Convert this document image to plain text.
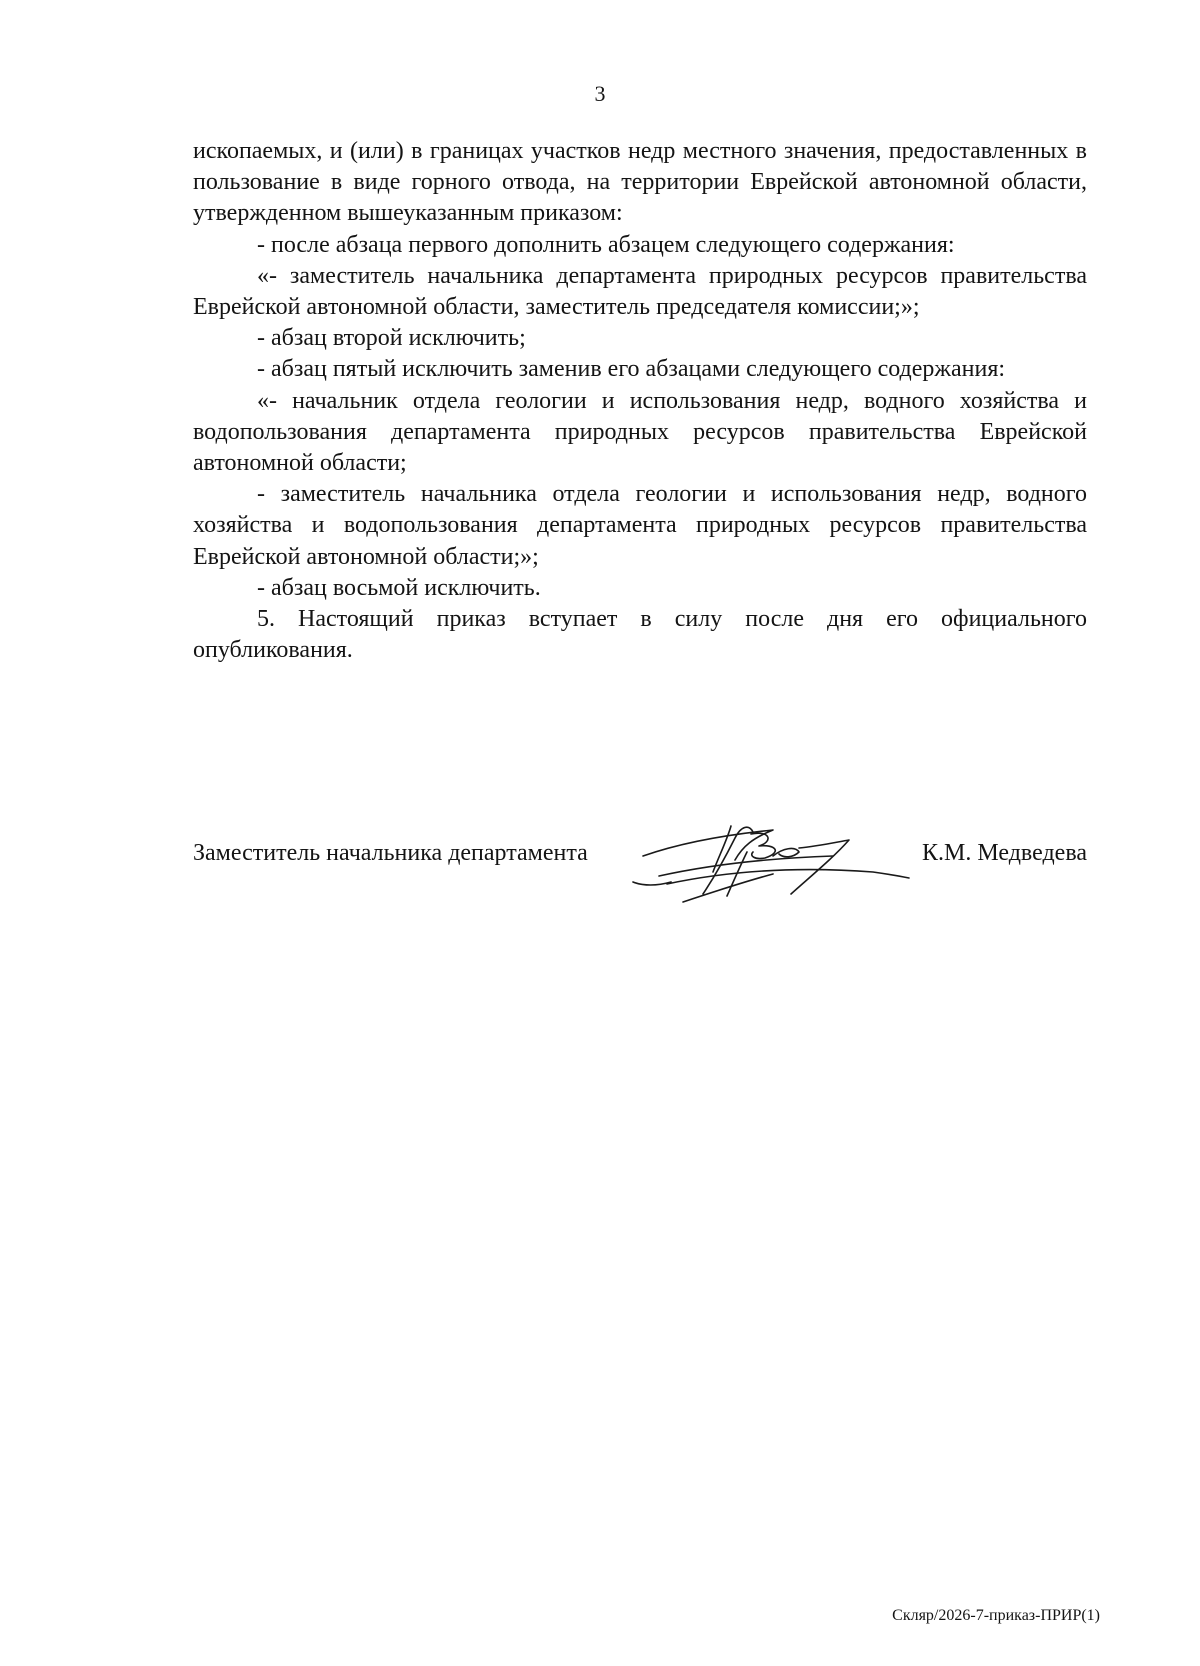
3

ископаемых, и (или) в границах участков недр местного значения, предоставленных в пользование в виде горного отвода, на территории Еврейской автономной области, утвержденном вышеуказанным приказом:

- после абзаца первого дополнить абзацем следующего содержания:

«- заместитель начальника департамента природных ресурсов правительства Еврейской автономной области, заместитель председателя комиссии;»;

- абзац второй исключить;

- абзац пятый исключить заменив его абзацами следующего содержания:

«- начальник отдела геологии и использования недр, водного хозяйства и водопользования департамента природных ресурсов правительства Еврейской автономной области;

- заместитель начальника отдела геологии и использования недр, водного хозяйства и водопользования департамента природных ресурсов правительства Еврейской автономной области;»;

- абзац восьмой исключить.

5. Настоящий приказ вступает в силу после дня его официального опубликования.

Заместитель начальника департамента	К.М. Медведева
Скляр/2026-7-приказ-ПРИР(1)
